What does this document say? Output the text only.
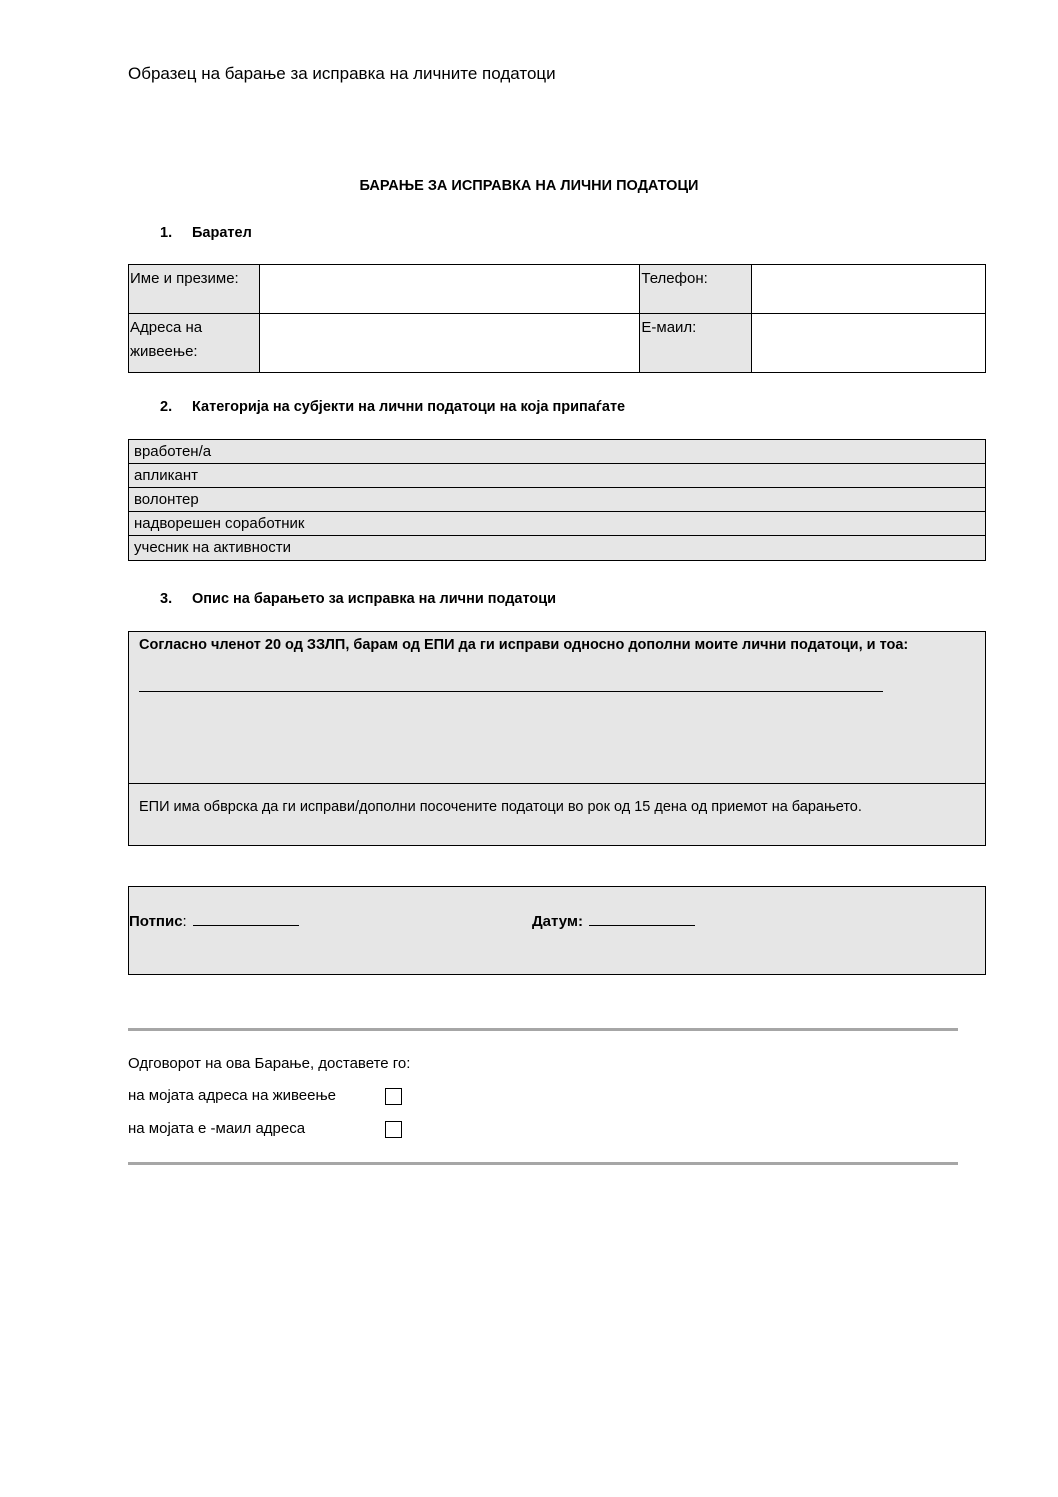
Образец на барање за исправка на личните податоци
БАРАЊЕ ЗА ИСПРАВКА НА ЛИЧНИ ПОДАТОЦИ
1. Барател
Име и презиме:		Телефон:	
Адреса на живеење:		E-маил:	
2. Категорија на субјекти на лични податоци на која припаѓате
вработен/а
апликант
волонтер
надворешен соработник
учесник на активности
3. Опис на барањето за исправка на лични податоци
Согласно членот 20 од ЗЗЛП, барам од ЕПИ да ги исправи односно дополни моите лични податоци, и тоа:
ЕПИ има обврска да ги исправи/дополни посочените податоци во рок од 15 дена од приемот на барањето.
Потпис:	Датум:
Одговорот на ова Барање, доставете го:
на мојата адреса на живеење
на мојата е -маил адреса
